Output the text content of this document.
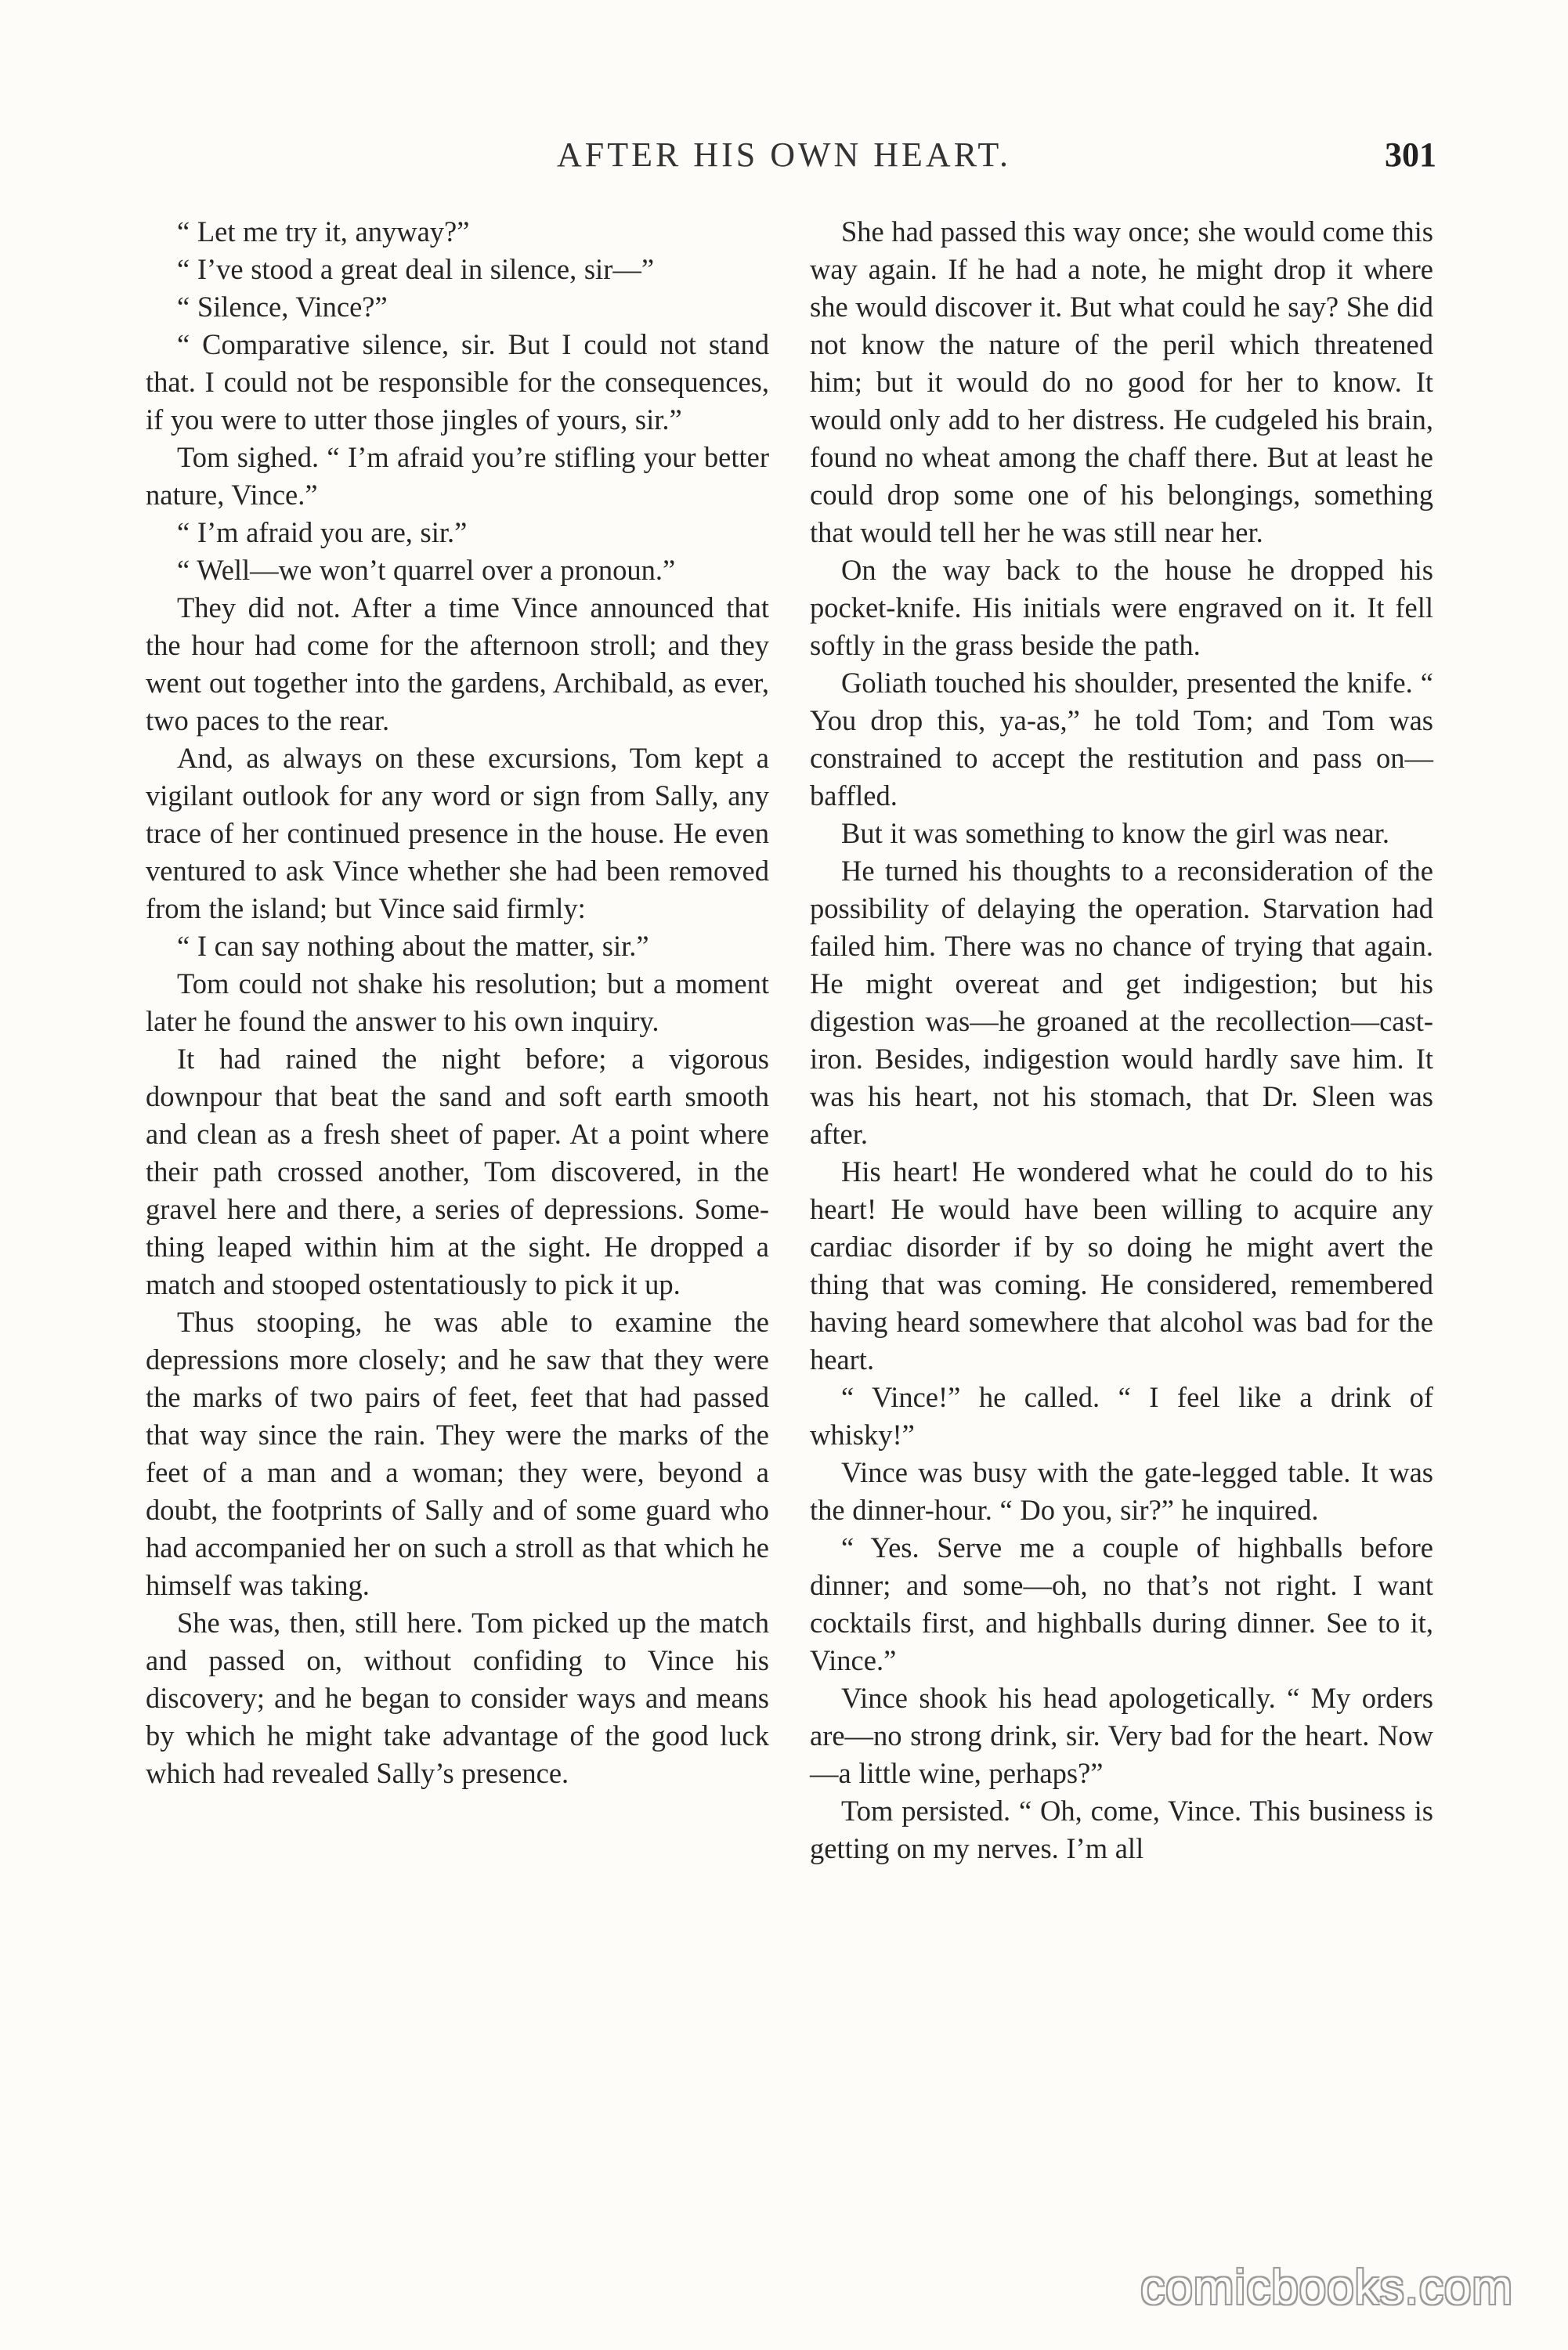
AFTER HIS OWN HEART.	301

“ Let me try it, anyway?”

“ I’ve stood a great deal in silence, sir—”

“ Silence, Vince?”

“ Comparative silence, sir. But I could not stand that. I could not be responsible for the consequences, if you were to utter those jingles of yours, sir.”

Tom sighed. “ I’m afraid you’re stifling your better nature, Vince.”

“ I’m afraid you are, sir.”

“ Well—we won’t quarrel over a pronoun.”

They did not. After a time Vince announced that the hour had come for the afternoon stroll; and they went out together into the gardens, Archibald, as ever, two paces to the rear.

And, as always on these excursions, Tom kept a vigilant outlook for any word or sign from Sally, any trace of her continued presence in the house. He even ventured to ask Vince whether she had been removed from the island; but Vince said firmly:

“ I can say nothing about the matter, sir.”

Tom could not shake his resolution; but a moment later he found the answer to his own inquiry.

It had rained the night before; a vigorous downpour that beat the sand and soft earth smooth and clean as a fresh sheet of paper. At a point where their path crossed another, Tom discovered, in the gravel here and there, a series of depressions. Something leaped within him at the sight. He dropped a match and stooped ostentatiously to pick it up.

Thus stooping, he was able to examine the depressions more closely; and he saw that they were the marks of two pairs of feet, feet that had passed that way since the rain. They were the marks of the feet of a man and a woman; they were, beyond a doubt, the footprints of Sally and of some guard who had accompanied her on such a stroll as that which he himself was taking.

She was, then, still here. Tom picked up the match and passed on, without confiding to Vince his discovery; and he began to consider ways and means by which he might take advantage of the good luck which had revealed Sally’s presence.

She had passed this way once; she would come this way again. If he had a note, he might drop it where she would discover it. But what could he say? She did not know the nature of the peril which threatened him; but it would do no good for her to know. It would only add to her distress. He cudgeled his brain, found no wheat among the chaff there. But at least he could drop some one of his belongings, something that would tell her he was still near her.

On the way back to the house he dropped his pocket-knife. His initials were engraved on it. It fell softly in the grass beside the path.

Goliath touched his shoulder, presented the knife. “ You drop this, ya-as,” he told Tom; and Tom was constrained to accept the restitution and pass on—baffled.

But it was something to know the girl was near.

He turned his thoughts to a reconsideration of the possibility of delaying the operation. Starvation had failed him. There was no chance of trying that again. He might overeat and get indigestion; but his digestion was—he groaned at the recollection—cast-iron. Besides, indigestion would hardly save him. It was his heart, not his stomach, that Dr. Sleen was after.

His heart! He wondered what he could do to his heart! He would have been willing to acquire any cardiac disorder if by so doing he might avert the thing that was coming. He considered, remembered having heard somewhere that alcohol was bad for the heart.

“ Vince!” he called. “ I feel like a drink of whisky!”

Vince was busy with the gate-legged table. It was the dinner-hour. “ Do you, sir?” he inquired.

“ Yes. Serve me a couple of highballs before dinner; and some—oh, no that’s not right. I want cocktails first, and highballs during dinner. See to it, Vince.”

Vince shook his head apologetically. “ My orders are—no strong drink, sir. Very bad for the heart. Now—a little wine, perhaps?”

Tom persisted. “ Oh, come, Vince. This business is getting on my nerves. I’m all

comicbooks.com
